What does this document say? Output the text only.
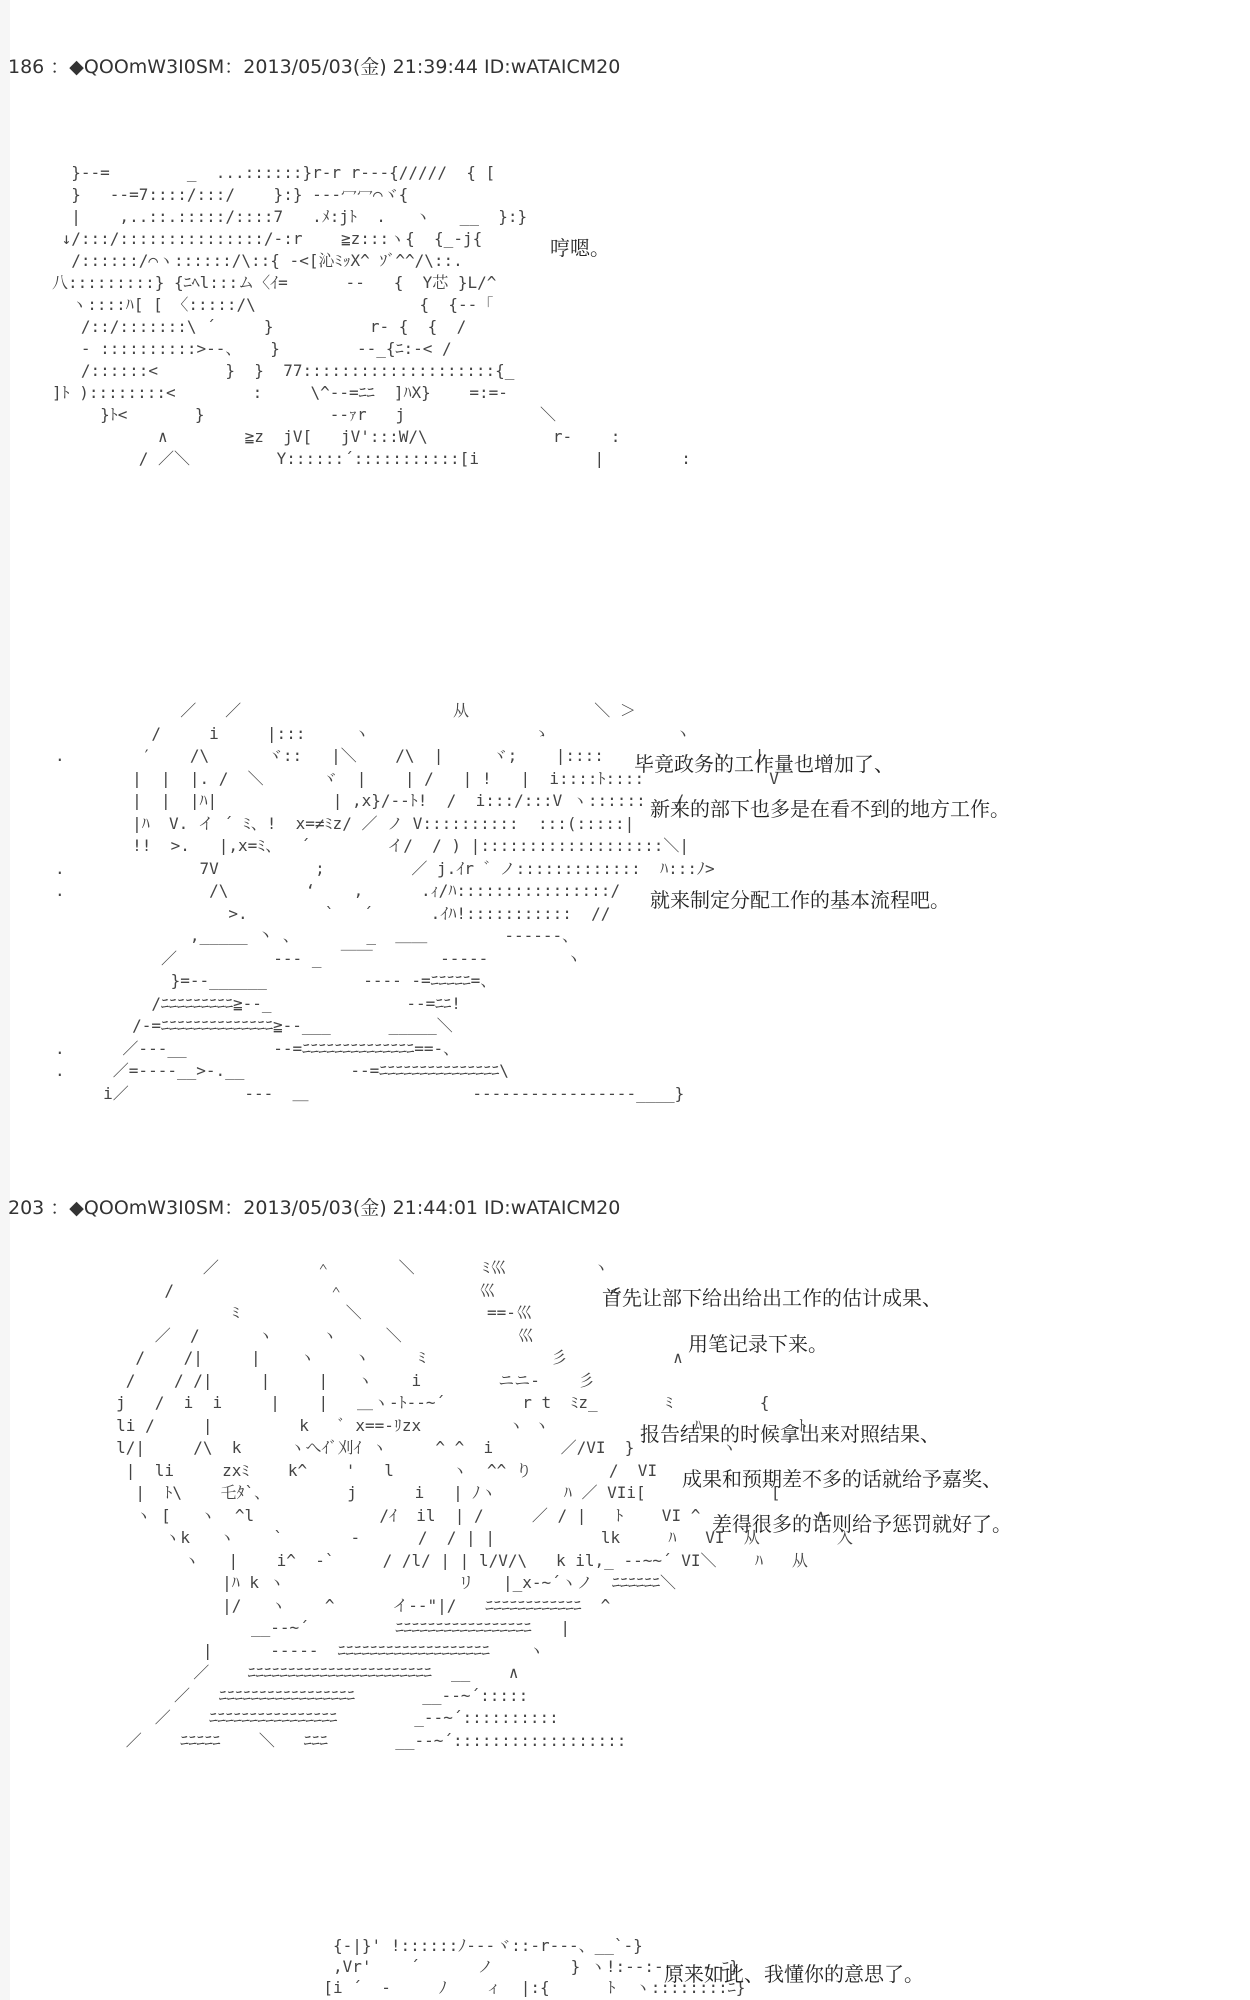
186 ：◆QOOmW3I0SM：2013/05/03(金) 21:39:44 ID:wATAICM20
}--=        _  ...::::::}r‐r r‐‐‐{/////  { [
}   --=7::::/:::/    }:} ‐‐‐冖冖⌒ヾ{
|    ,..::.:::::/::::7   .ﾒ:jﾄ  .   ヽ   __  }:}
↓/:::/:::::::::::::::/‐:r    ≧z:::ヽ{  {_-j{
/::::::/⌒ヽ::::::/\::{ ‐<[沁ﾐｯX^ ｿﾞ^^/\::.
八:::::::::} {ﾆﾍl:::ム〈ｲ=      ‐‐   {  Y芯 }L/^
ヽ::::ﾊ[ [ 〈:::::/\                 {  {‐‐「
/::/:::::::\ ´     }          r‐ {  {  /
‐ ::::::::::>‐‐、   }        ‐‐_{ﾆ:‐< /
/::::::<       }  }  77::::::::::::::::::::{_
]ﾄ )::::::::<        :     \^‐‐=ﾆﾆ  ]ﾊX}    =:=‐
}ﾄ<       }             ‐‐ｧr   j              ＼
∧        ≧z  jV[   jV':::W/\             r‐    :
/ ／＼         Y::::::´:::::::::::[i            |        :
哼嗯。
／   ／                      从             ＼ ＞
/     i     |:::     ヽ                 ゝ             ヽ
.        ′    /\      ヾ::   |＼    /\  |     ヾ;    |::::           ヽ   |
|  |  |. /  ＼      ヾ  |    | /   | !   |  i::::ﾄ::::             V
|  |  |ﾊ|            | ,x}/‐‐ﾄ!  /  i:::/:::V ヽ::::::   /
|ﾊ  V. イ ´ ﾐ、!  x=≠ﾐz/ ／ ノ V::::::::::  :::(:::::|
!!  >.   |,x=ﾐ、  ´        イ/  / ) |:::::::::::::::::::＼|
.              7V          ;         ／ j.ｲr ゛ノ:::::::::::::  ﾊ:::ﾉ>
.               /\        ‘    ,      .ｨ/ﾊ::::::::::::::::/
>.        `   ´      .ｲﾊ!:::::::::::  //
,_____ 丶 、       _  ＿＿        ‐‐‐‐‐‐、
／          ‐‐‐ _  ￣￣       ‐‐‐‐‐        ヽ
}=‐‐______          ‐‐‐‐ ‐=ﾆﾆﾆﾆﾆ=、
/ﾆﾆﾆﾆﾆﾆﾆﾆﾆ≧‐‐_              ‐‐=ﾆﾆ!
/‐=ﾆﾆﾆﾆﾆﾆﾆﾆﾆﾆﾆﾆﾆﾆ≧‐‐___      _____＼
.      ／‐‐‐__         ‐‐=ﾆﾆﾆﾆﾆﾆﾆﾆﾆﾆﾆﾆﾆﾆ==‐、
.     ／=‐‐‐‐__>‐.__           ‐‐=ﾆﾆﾆﾆﾆﾆﾆﾆﾆﾆﾆﾆﾆﾆﾆ\
i／            ‐‐‐  ＿                 ‐‐‐‐‐‐‐‐‐‐‐‐‐‐‐‐‐____}
毕竟政务的工作量也增加了、
新来的部下也多是在看不到的地方工作。
就来制定分配工作的基本流程吧。
203 ：◆QOOmW3I0SM：2013/05/03(金) 21:44:01 ID:wATAICM20
／          ＾       ＼       ﾐ巛         ヽ
/                ＾              巛            <
ﾐ           ＼             ==‐巛
／  /      ヽ     ヽ     ＼            巛
/    /|     |    ヽ    ヽ     ﾐ             彡           ∧
/    / /|     |     |   ヽ    i        ニニ‐    彡
j   /  i  i     |    |   ＿ヽ‐ﾄ‐‐~´        r t  ﾐz_       ﾐ         {
li /     |         k   ﾞ x==‐ﾘzx         ヽ ヽ               ﾊ          ﾄ
l/|     /\  k     ヽへｲﾞ刈ｲ ヽ     ^ ^  i       ／/VI  }         ヽ
|  li     zxﾐ    k^    '   l      ヽ  ^^ り        /  VI
|  ﾄ\    乇ﾀ`、        j      i   | ﾉヽ       ﾊ ／ VIi[             [
ヽ [   ヽ  ^l             /ｲ  il  | /     ／ / |   ﾄ    VI ^            ∧
ヽk   ヽ    `       ‐      /  / | |           lk     ﾊ   VI  从        入
ヽ   |    i^  ‐`     / /l/ | | l/V/\   k il,_ ‐‐~~´ VI＼    ﾊ   从
|ﾊ k ヽ                  リ   |_x‐~´ヽノ  ﾆﾆﾆﾆﾆﾆ＼
|/   ヽ    ^      イ‐‐"|/   ﾆﾆﾆﾆﾆﾆﾆﾆﾆﾆﾆﾆ  ^
__‐‐~´         ﾆﾆﾆﾆﾆﾆﾆﾆﾆﾆﾆﾆﾆﾆﾆﾆﾆ   |
|      ‐‐‐‐‐  ﾆﾆﾆﾆﾆﾆﾆﾆﾆﾆﾆﾆﾆﾆﾆﾆﾆﾆﾆ    ヽ
／    ﾆﾆﾆﾆﾆﾆﾆﾆﾆﾆﾆﾆﾆﾆﾆﾆﾆﾆﾆﾆﾆﾆﾆ  __    ∧
／   ﾆﾆﾆﾆﾆﾆﾆﾆﾆﾆﾆﾆﾆﾆﾆﾆﾆ       __‐‐~´:::::
／    ﾆﾆﾆﾆﾆﾆﾆﾆﾆﾆﾆﾆﾆﾆﾆﾆ        _‐‐~´::::::::::
／    ﾆﾆﾆﾆﾆ    ＼   ﾆﾆﾆ       __‐‐~´::::::::::::::::::
首先让部下给出给出工作的估计成果、
用笔记录下来。
报告结果的时候拿出来对照结果、
成果和预期差不多的话就给予嘉奖、
差得很多的话则给予惩罚就好了。
{‐|}' !::::::ﾉ‐‐‐ヾ::‐r‐‐‐、__`‐}
,Vr'    ´      ノ        } ヽ!:‐‐:‐‐‐‐‐‐‐ﾆ}
[i ´  ‐     ﾉ    ィ  |:{      ﾄ  ヽ::::::::ﾆ}
原来如此、我懂你的意思了。
